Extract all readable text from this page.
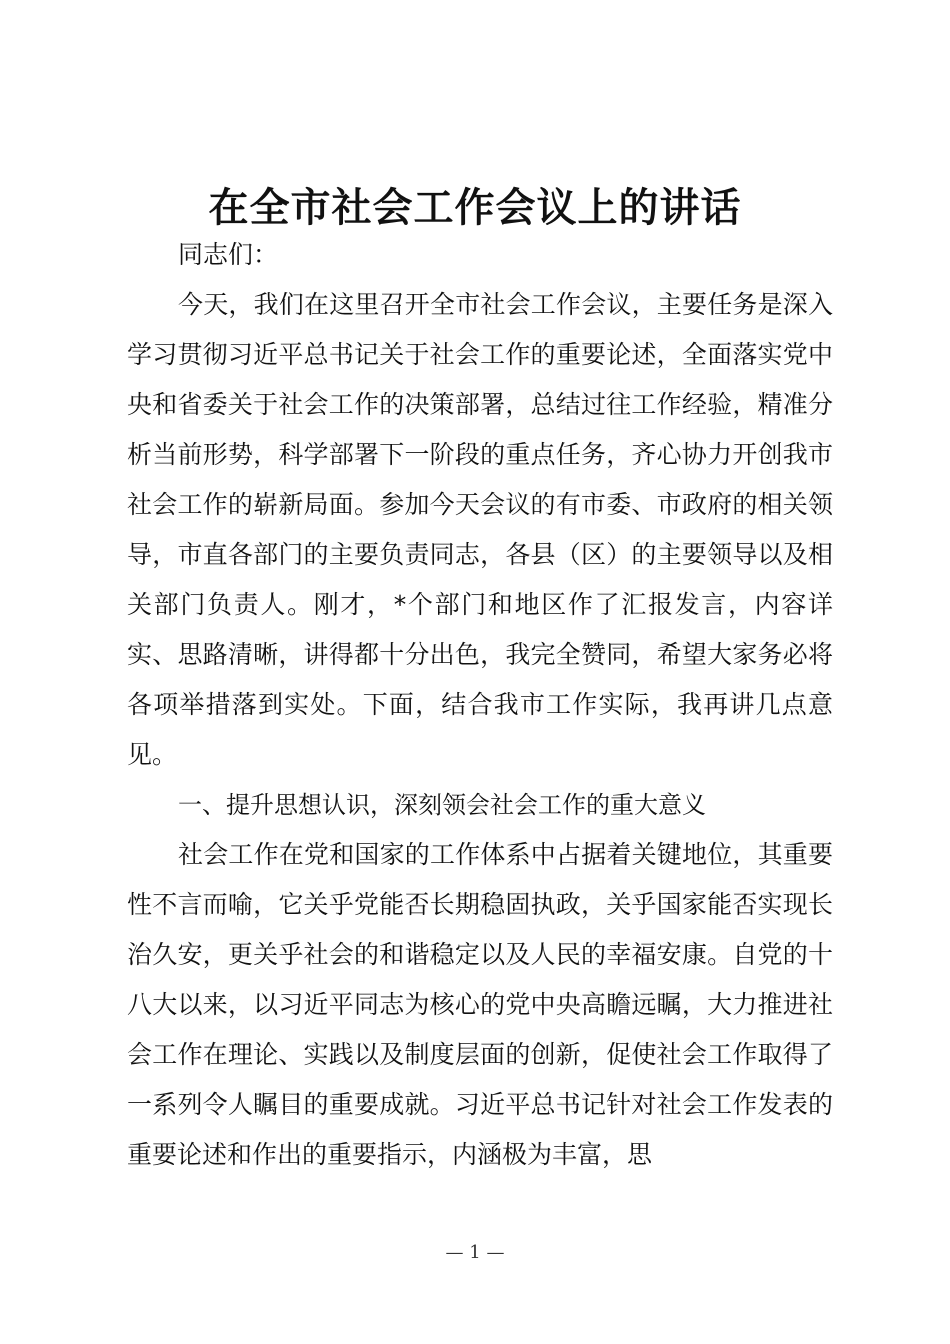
在全市社会工作会议上的讲话
同志们：
今天，我们在这里召开全市社会工作会议，主要任务是深入学习贯彻习近平总书记关于社会工作的重要论述，全面落实党中央和省委关于社会工作的决策部署，总结过往工作经验，精准分析当前形势，科学部署下一阶段的重点任务，齐心协力开创我市社会工作的崭新局面。参加今天会议的有市委、市政府的相关领导，市直各部门的主要负责同志，各县（区）的主要领导以及相关部门负责人。刚才，*个部门和地区作了汇报发言，内容详实、思路清晰，讲得都十分出色，我完全赞同，希望大家务必将各项举措落到实处。下面，结合我市工作实际，我再讲几点意见。
一、提升思想认识，深刻领会社会工作的重大意义
社会工作在党和国家的工作体系中占据着关键地位，其重要性不言而喻，它关乎党能否长期稳固执政，关乎国家能否实现长治久安，更关乎社会的和谐稳定以及人民的幸福安康。自党的十八大以来，以习近平同志为核心的党中央高瞻远瞩，大力推进社会工作在理论、实践以及制度层面的创新，促使社会工作取得了一系列令人瞩目的重要成就。习近平总书记针对社会工作发表的重要论述和作出的重要指示，内涵极为丰富，思
— 1 —
